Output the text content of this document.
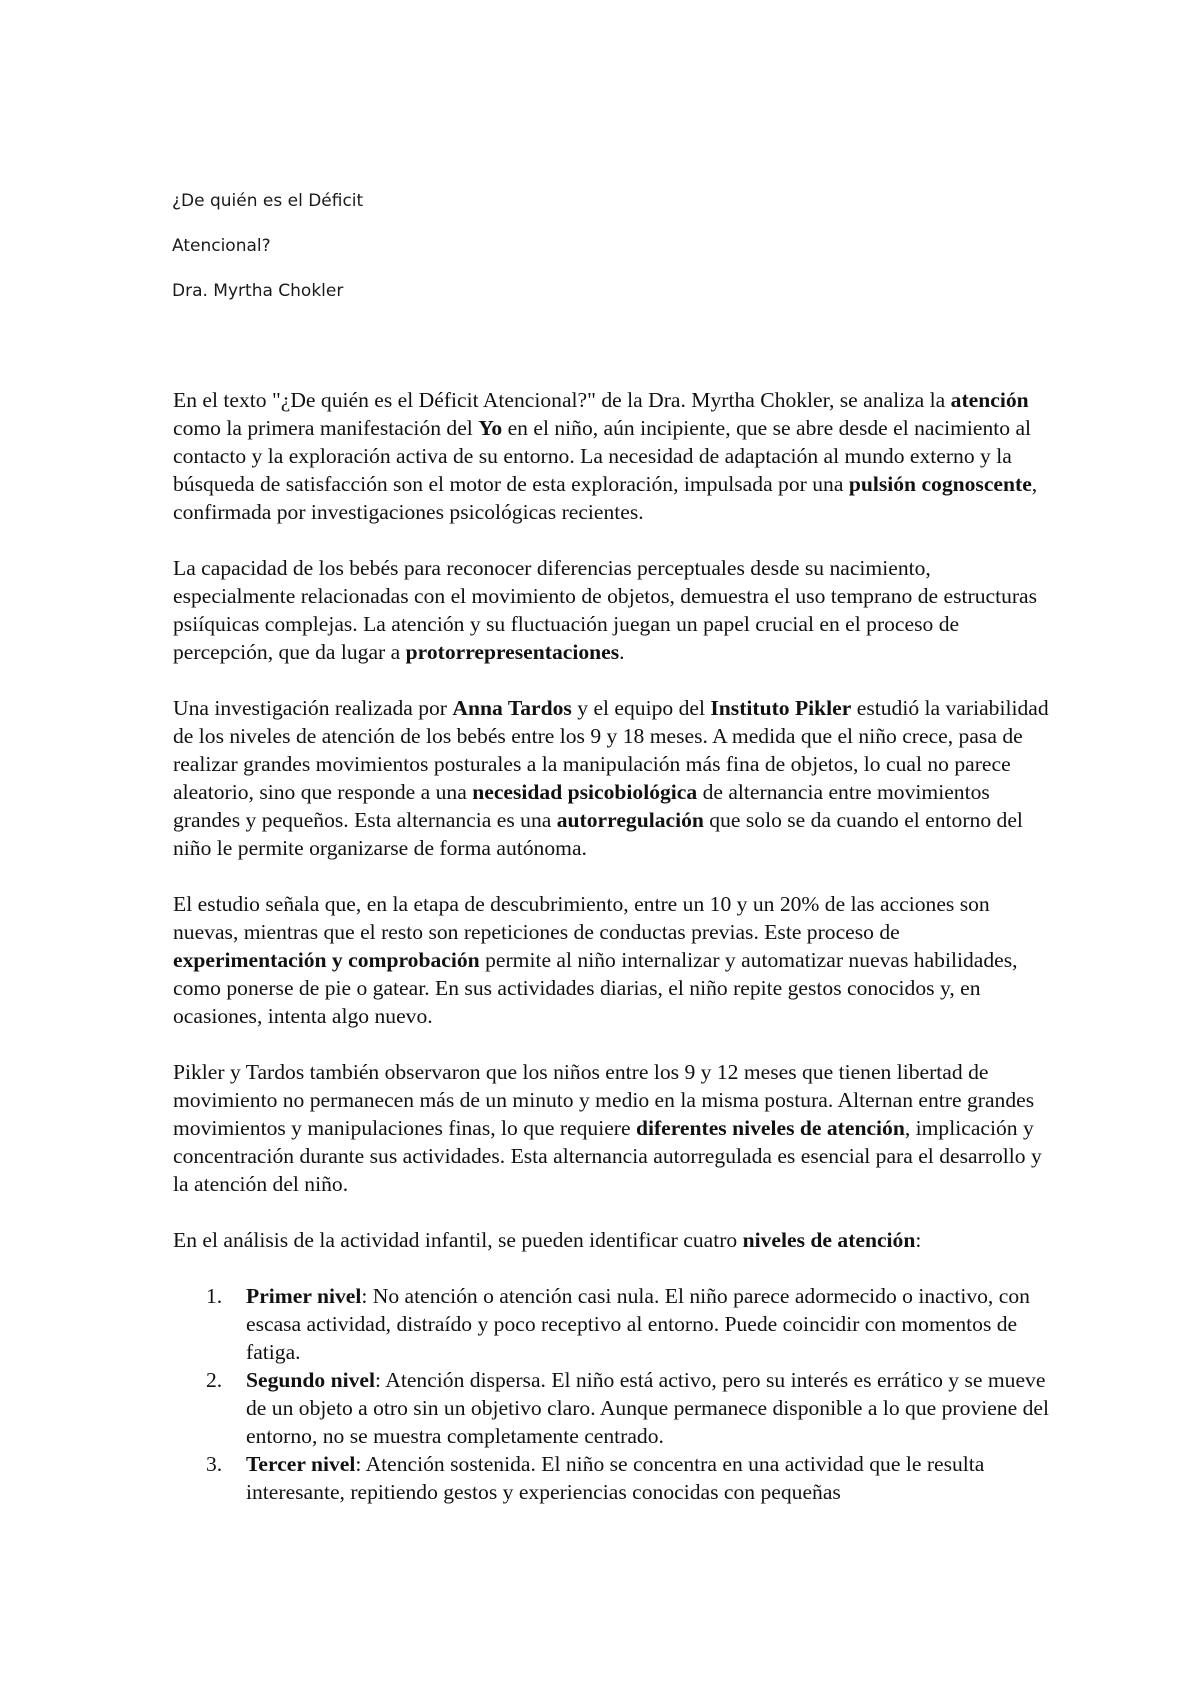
¿De quién es el Déficit
Atencional?
Dra. Myrtha Chokler

En el texto "¿De quién es el Déficit Atencional?" de la Dra. Myrtha Chokler, se analiza la atención como la primera manifestación del Yo en el niño, aún incipiente, que se abre desde el nacimiento al contacto y la exploración activa de su entorno. La necesidad de adaptación al mundo externo y la búsqueda de satisfacción son el motor de esta exploración, impulsada por una pulsión cognoscente, confirmada por investigaciones psicológicas recientes.

La capacidad de los bebés para reconocer diferencias perceptuales desde su nacimiento, especialmente relacionadas con el movimiento de objetos, demuestra el uso temprano de estructuras psiíquicas complejas. La atención y su fluctuación juegan un papel crucial en el proceso de percepción, que da lugar a protorrepresentaciones.

Una investigación realizada por Anna Tardos y el equipo del Instituto Pikler estudió la variabilidad de los niveles de atención de los bebés entre los 9 y 18 meses. A medida que el niño crece, pasa de realizar grandes movimientos posturales a la manipulación más fina de objetos, lo cual no parece aleatorio, sino que responde a una necesidad psicobiológica de alternancia entre movimientos grandes y pequeños. Esta alternancia es una autorregulación que solo se da cuando el entorno del niño le permite organizarse de forma autónoma.

El estudio señala que, en la etapa de descubrimiento, entre un 10 y un 20% de las acciones son nuevas, mientras que el resto son repeticiones de conductas previas. Este proceso de experimentación y comprobación permite al niño internalizar y automatizar nuevas habilidades, como ponerse de pie o gatear. En sus actividades diarias, el niño repite gestos conocidos y, en ocasiones, intenta algo nuevo.

Pikler y Tardos también observaron que los niños entre los 9 y 12 meses que tienen libertad de movimiento no permanecen más de un minuto y medio en la misma postura. Alternan entre grandes movimientos y manipulaciones finas, lo que requiere diferentes niveles de atención, implicación y concentración durante sus actividades. Esta alternancia autorregulada es esencial para el desarrollo y la atención del niño.

En el análisis de la actividad infantil, se pueden identificar cuatro niveles de atención:

1. Primer nivel: No atención o atención casi nula. El niño parece adormecido o inactivo, con escasa actividad, distraído y poco receptivo al entorno. Puede coincidir con momentos de fatiga.
2. Segundo nivel: Atención dispersa. El niño está activo, pero su interés es errático y se mueve de un objeto a otro sin un objetivo claro. Aunque permanece disponible a lo que proviene del entorno, no se muestra completamente centrado.
3. Tercer nivel: Atención sostenida. El niño se concentra en una actividad que le resulta interesante, repitiendo gestos y experiencias conocidas con pequeñas
